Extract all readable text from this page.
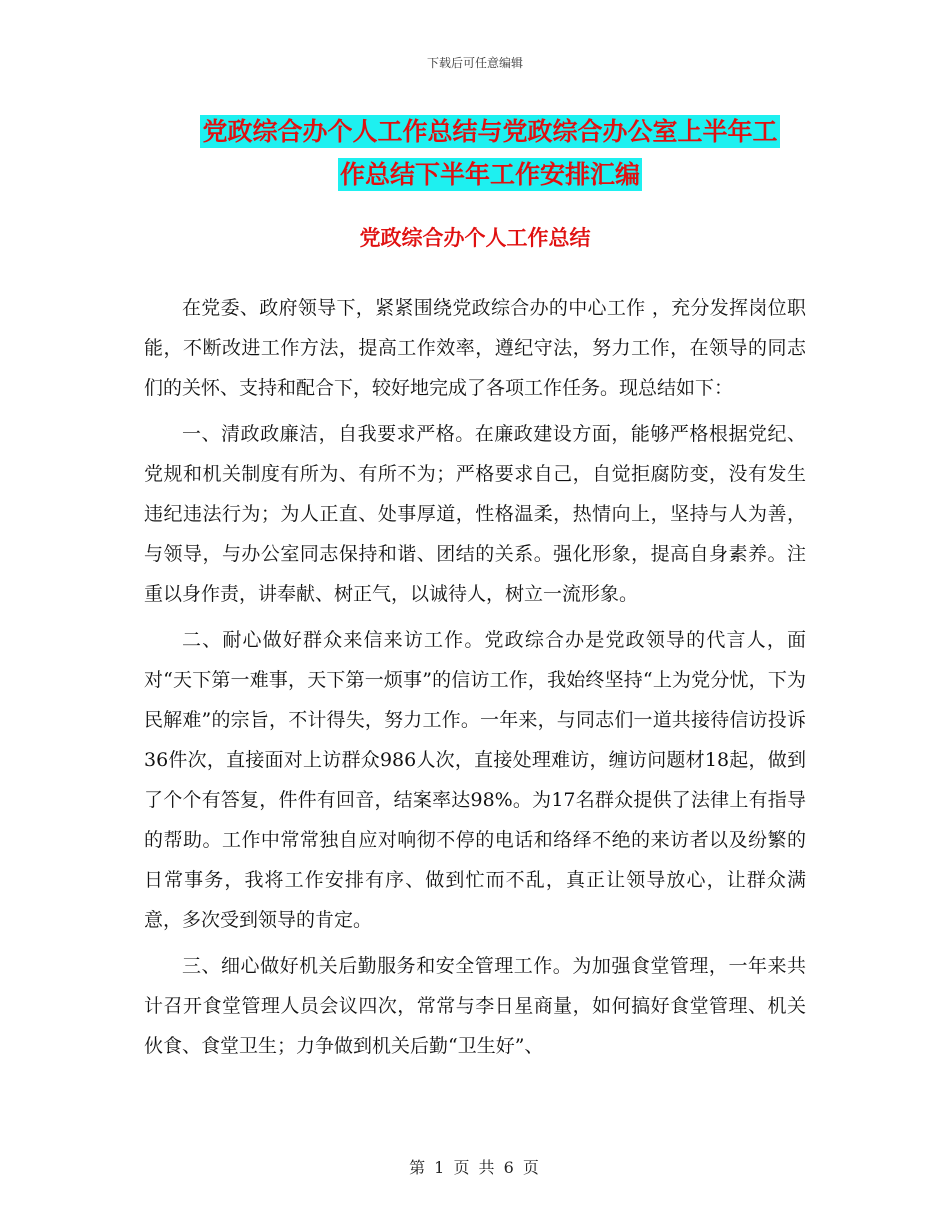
下载后可任意编辑
党政综合办个人工作总结与党政综合办公室上半年工
作总结下半年工作安排汇编
党政综合办个人工作总结

在党委、政府领导下，紧紧围绕党政综合办的中心工作 ，充分发挥岗位职能，不断改进工作方法，提高工作效率，遵纪守法，努力工作，在领导的同志们的关怀、支持和配合下，较好地完成了各项工作任务。现总结如下：

一、清政政廉洁，自我要求严格。在廉政建设方面，能够严格根据党纪、党规和机关制度有所为、有所不为；严格要求自己，自觉拒腐防变，没有发生违纪违法行为；为人正直、处事厚道，性格温柔，热情向上，坚持与人为善，与领导，与办公室同志保持和谐、团结的关系。强化形象，提高自身素养。注重以身作责，讲奉献、树正气，以诚待人，树立一流形象。

二、耐心做好群众来信来访工作。党政综合办是党政领导的代言人，面对“天下第一难事，天下第一烦事”的信访工作，我始终坚持“上为党分忧，下为民解难”的宗旨，不计得失，努力工作。一年来，与同志们一道共接待信访投诉36件次，直接面对上访群众986人次，直接处理难访，缠访问题材18起，做到了个个有答复，件件有回音，结案率达98%。为17名群众提供了法律上有指导的帮助。工作中常常独自应对响彻不停的电话和络绎不绝的来访者以及纷繁的日常事务，我将工作安排有序、做到忙而不乱，真正让领导放心，让群众满意，多次受到领导的肯定。

三、细心做好机关后勤服务和安全管理工作。为加强食堂管理，一年来共计召开食堂管理人员会议四次，常常与李日星商量，如何搞好食堂管理、机关伙食、食堂卫生；力争做到机关后勤“卫生好”、

第 1 页 共 6 页
